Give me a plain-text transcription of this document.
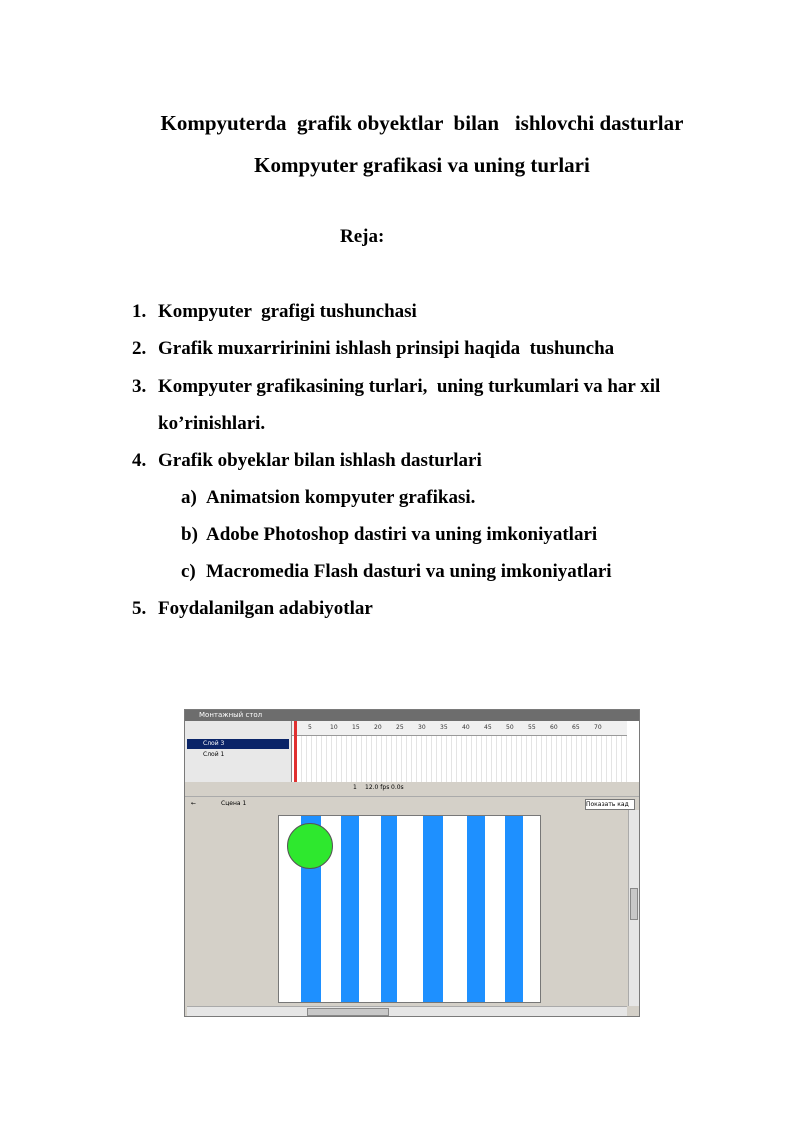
Kompyuterda  grafik obyektlar  bilan   ishlovchi dasturlar
Kompyuter grafikasi va uning turlari
Reja:
1. Kompyuter  grafigi tushunchasi
2. Grafik muxarririnini ishlash prinsipi haqida  tushuncha
3. Kompyuter grafikasining turlari,  uning turkumlari va har xil
ko’rinishlari.
4. Grafik obyeklar bilan ishlash dasturlari
a) Animatsion kompyuter grafikasi.
b) Adobe Photoshop dastiri va uning imkoniyatlari
c) Macromedia Flash dasturi va uning imkoniyatlari
5. Foydalanilgan adabiyotlar
Монтажный стол
Слой 3
Слой 1
5	10 15 20 25 30 35 40 45 50 55 60 65 70
1 12.0 fps 0.0s
←	Сцена 1	Показать кад
